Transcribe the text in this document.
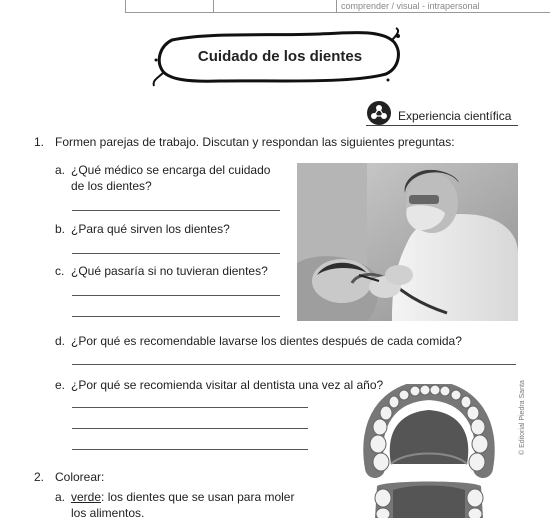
comprender / visual - intrapersonal
Cuidado de los dientes
Experiencia científica
1. Formen parejas de trabajo. Discutan y respondan las siguientes preguntas:
a. ¿Qué médico se encarga del cuidado
de los dientes?
b. ¿Para qué sirven los dientes?
c. ¿Qué pasaría si no tuvieran dientes?
d. ¿Por qué es recomendable lavarse los dientes después de cada comida?
e. ¿Por qué se recomienda visitar al dentista una vez al año?
2. Colorear:
a. verde: los dientes que se usan para moler
los alimentos.
© Editorial Piedra Santa
